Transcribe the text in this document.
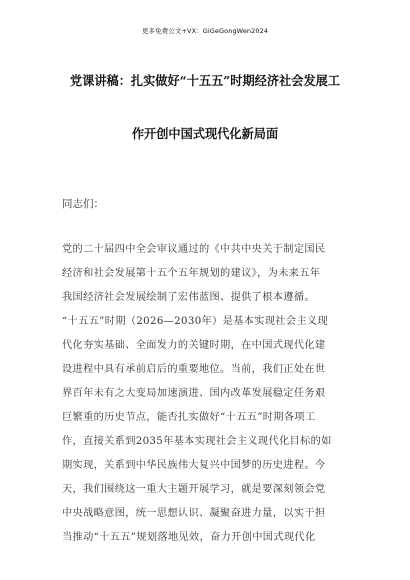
更多免费公文+VX：GiGeGongWen2024
党课讲稿：扎实做好“十五五”时期经济社会发展工
作开创中国式现代化新局面
同志们：
党的二十届四中全会审议通过的《中共中央关于制定国民
经济和社会发展第十五个五年规划的建议》，为未来五年
我国经济社会发展绘制了宏伟蓝图、提供了根本遵循。
“十五五”时期（2026—2030年）是基本实现社会主义现
代化夯实基础、全面发力的关键时期，在中国式现代化建
设进程中具有承前启后的重要地位。当前，我们正处在世
界百年未有之大变局加速演进、国内改革发展稳定任务艰
巨繁重的历史节点，能否扎实做好“十五五”时期各项工
作，直接关系到2035年基本实现社会主义现代化目标的如
期实现，关系到中华民族伟大复兴中国梦的历史进程。今
天，我们围绕这一重大主题开展学习，就是要深刻领会党
中央战略意图，统一思想认识、凝聚奋进力量，以实干担
当推动“十五五”规划落地见效，奋力开创中国式现代化
